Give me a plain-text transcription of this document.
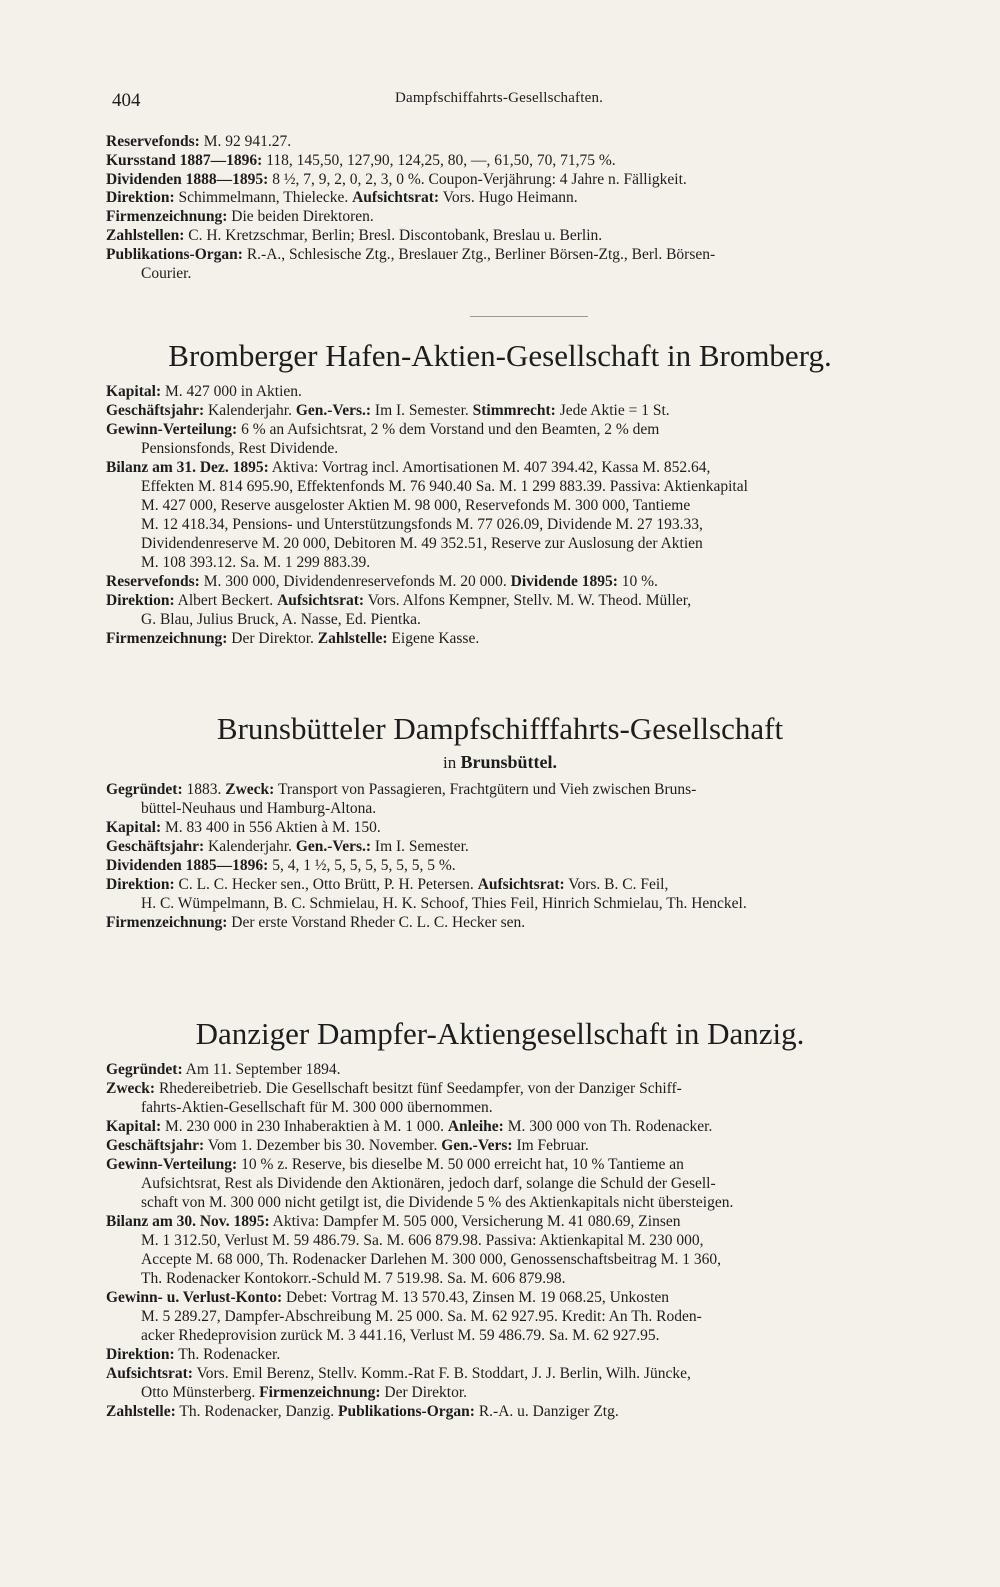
404	Dampfschiffahrts-Gesellschaften.
Reservefonds: M. 92 941.27.
Kursstand 1887—1896: 118, 145,50, 127,90, 124,25, 80, —, 61,50, 70, 71,75 %.
Dividenden 1888—1895: 8 ½, 7, 9, 2, 0, 2, 3, 0 %. Coupon-Verjährung: 4 Jahre n. Fälligkeit.
Direktion: Schimmelmann, Thielecke. Aufsichtsrat: Vors. Hugo Heimann.
Firmenzeichnung: Die beiden Direktoren.
Zahlstellen: C. H. Kretzschmar, Berlin; Bresl. Discontobank, Breslau u. Berlin.
Publikations-Organ: R.-A., Schlesische Ztg., Breslauer Ztg., Berliner Börsen-Ztg., Berl. Börsen-
Courier.
Bromberger Hafen-Aktien-Gesellschaft in Bromberg.
Kapital: M. 427 000 in Aktien.
Geschäftsjahr: Kalenderjahr. Gen.-Vers.: Im I. Semester. Stimmrecht: Jede Aktie = 1 St.
Gewinn-Verteilung: 6 % an Aufsichtsrat, 2 % dem Vorstand und den Beamten, 2 % dem
Pensionsfonds, Rest Dividende.
Bilanz am 31. Dez. 1895: Aktiva: Vortrag incl. Amortisationen M. 407 394.42, Kassa M. 852.64,
Effekten M. 814 695.90, Effektenfonds M. 76 940.40 Sa. M. 1 299 883.39. Passiva: Aktienkapital
M. 427 000, Reserve ausgeloster Aktien M. 98 000, Reservefonds M. 300 000, Tantieme
M. 12 418.34, Pensions- und Unterstützungsfonds M. 77 026.09, Dividende M. 27 193.33,
Dividendenreserve M. 20 000, Debitoren M. 49 352.51, Reserve zur Auslosung der Aktien
M. 108 393.12. Sa. M. 1 299 883.39.
Reservefonds: M. 300 000, Dividendenreservefonds M. 20 000. Dividende 1895: 10 %.
Direktion: Albert Beckert. Aufsichtsrat: Vors. Alfons Kempner, Stellv. M. W. Theod. Müller,
G. Blau, Julius Bruck, A. Nasse, Ed. Pientka.
Firmenzeichnung: Der Direktor. Zahlstelle: Eigene Kasse.
Brunsbütteler Dampfschifffahrts-Gesellschaft
in Brunsbüttel.
Gegründet: 1883. Zweck: Transport von Passagieren, Frachtgütern und Vieh zwischen Bruns-
büttel-Neuhaus und Hamburg-Altona.
Kapital: M. 83 400 in 556 Aktien à M. 150.
Geschäftsjahr: Kalenderjahr. Gen.-Vers.: Im I. Semester.
Dividenden 1885—1896: 5, 4, 1 ½, 5, 5, 5, 5, 5, 5, 5 %.
Direktion: C. L. C. Hecker sen., Otto Brütt, P. H. Petersen. Aufsichtsrat: Vors. B. C. Feil,
H. C. Wümpelmann, B. C. Schmielau, H. K. Schoof, Thies Feil, Hinrich Schmielau, Th. Henckel.
Firmenzeichnung: Der erste Vorstand Rheder C. L. C. Hecker sen.
Danziger Dampfer-Aktiengesellschaft in Danzig.
Gegründet: Am 11. September 1894.
Zweck: Rhedereibetrieb. Die Gesellschaft besitzt fünf Seedampfer, von der Danziger Schiff-
fahrts-Aktien-Gesellschaft für M. 300 000 übernommen.
Kapital: M. 230 000 in 230 Inhaberaktien à M. 1 000. Anleihe: M. 300 000 von Th. Rodenacker.
Geschäftsjahr: Vom 1. Dezember bis 30. November. Gen.-Vers: Im Februar.
Gewinn-Verteilung: 10 % z. Reserve, bis dieselbe M. 50 000 erreicht hat, 10 % Tantieme an
Aufsichtsrat, Rest als Dividende den Aktionären, jedoch darf, solange die Schuld der Gesell-
schaft von M. 300 000 nicht getilgt ist, die Dividende 5 % des Aktienkapitals nicht übersteigen.
Bilanz am 30. Nov. 1895: Aktiva: Dampfer M. 505 000, Versicherung M. 41 080.69, Zinsen
M. 1 312.50, Verlust M. 59 486.79. Sa. M. 606 879.98. Passiva: Aktienkapital M. 230 000,
Accepte M. 68 000, Th. Rodenacker Darlehen M. 300 000, Genossenschaftsbeitrag M. 1 360,
Th. Rodenacker Kontokorr.-Schuld M. 7 519.98. Sa. M. 606 879.98.
Gewinn- u. Verlust-Konto: Debet: Vortrag M. 13 570.43, Zinsen M. 19 068.25, Unkosten
M. 5 289.27, Dampfer-Abschreibung M. 25 000. Sa. M. 62 927.95. Kredit: An Th. Roden-
acker Rhedeprovision zurück M. 3 441.16, Verlust M. 59 486.79. Sa. M. 62 927.95.
Direktion: Th. Rodenacker.
Aufsichtsrat: Vors. Emil Berenz, Stellv. Komm.-Rat F. B. Stoddart, J. J. Berlin, Wilh. Jüncke,
Otto Münsterberg. Firmenzeichnung: Der Direktor.
Zahlstelle: Th. Rodenacker, Danzig. Publikations-Organ: R.-A. u. Danziger Ztg.
